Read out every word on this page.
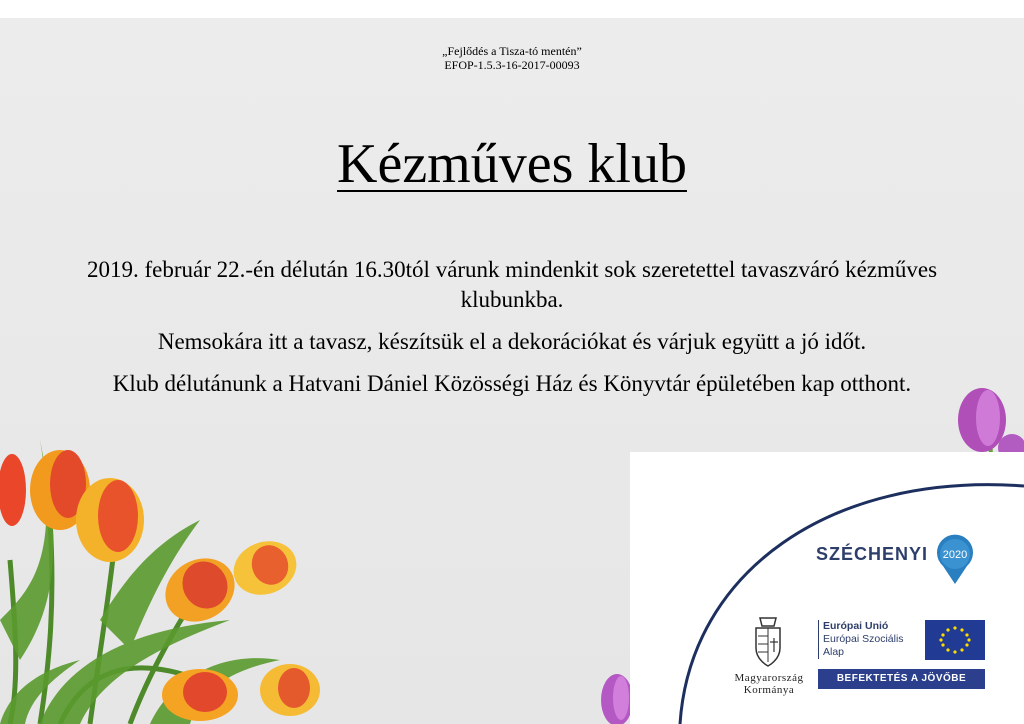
„Fejlődés a Tisza-tó mentén”
EFOP-1.5.3-16-2017-00093
Kézműves klub

2019. február 22.-én délután 16.30tól várunk mindenkit sok szeretettel tavaszváró kézműves klubunkba.

Nemsokára itt a tavasz, készítsük el a dekorációkat és várjuk együtt a jó időt.

Klub délutánunk a Hatvani Dániel Közösségi Ház és Könyvtár épületében kap otthont.

SZÉCHENYI 2020
Magyarország
Kormánya
Európai Unió
Európai Szociális
Alap
BEFEKTETÉS A JÖVŐBE
